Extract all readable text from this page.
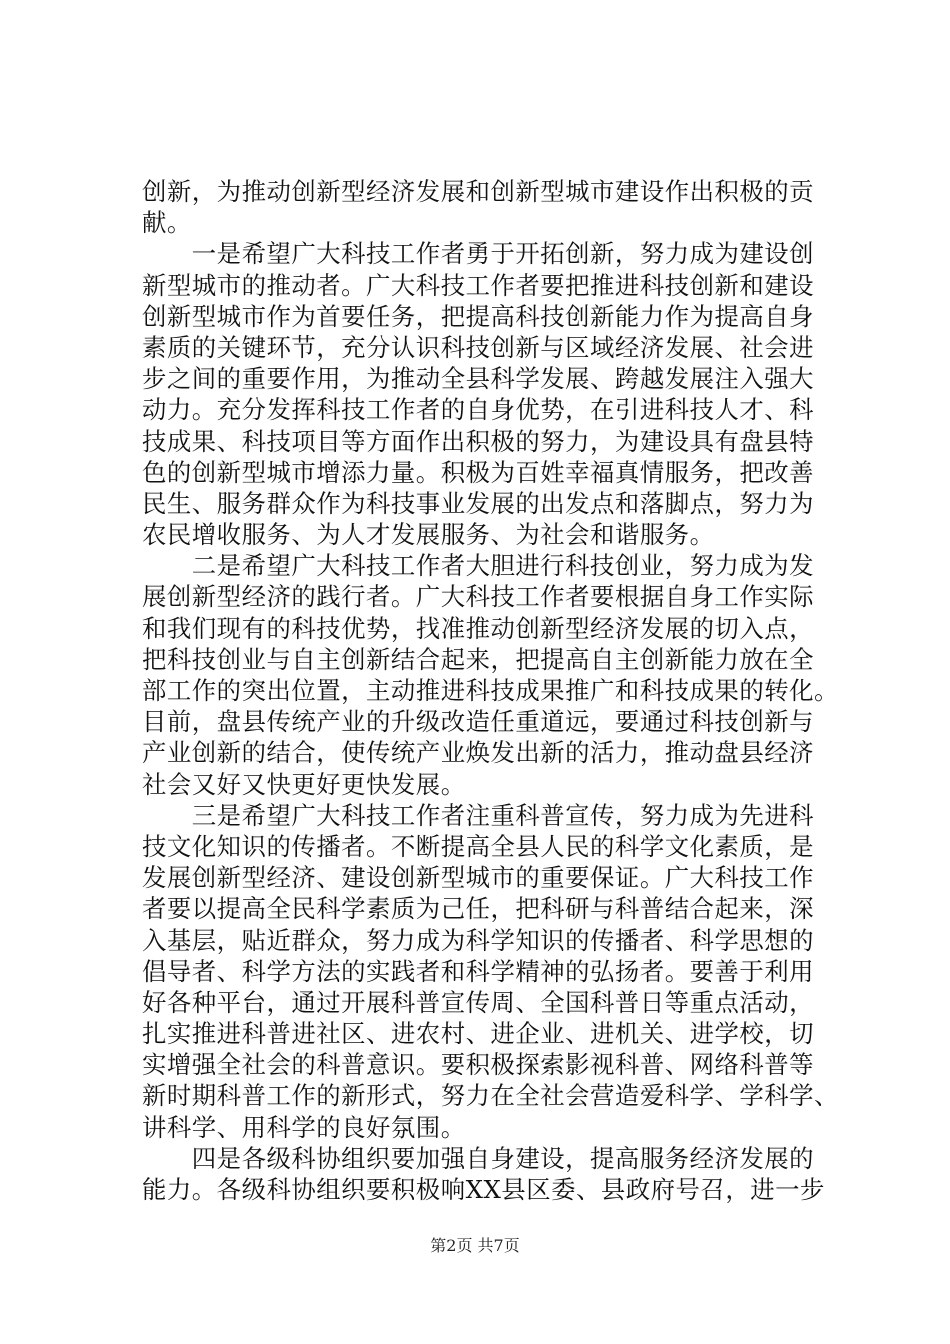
创新，为推动创新型经济发展和创新型城市建设作出积极的贡
献。
　　一是希望广大科技工作者勇于开拓创新，努力成为建设创
新型城市的推动者。广大科技工作者要把推进科技创新和建设
创新型城市作为首要任务，把提高科技创新能力作为提高自身
素质的关键环节，充分认识科技创新与区域经济发展、社会进
步之间的重要作用，为推动全县科学发展、跨越发展注入强大
动力。充分发挥科技工作者的自身优势，在引进科技人才、科
技成果、科技项目等方面作出积极的努力，为建设具有盘县特
色的创新型城市增添力量。积极为百姓幸福真情服务，把改善
民生、服务群众作为科技事业发展的出发点和落脚点，努力为
农民增收服务、为人才发展服务、为社会和谐服务。
　　二是希望广大科技工作者大胆进行科技创业，努力成为发
展创新型经济的践行者。广大科技工作者要根据自身工作实际
和我们现有的科技优势，找准推动创新型经济发展的切入点，
把科技创业与自主创新结合起来，把提高自主创新能力放在全
部工作的突出位置，主动推进科技成果推广和科技成果的转化。
目前，盘县传统产业的升级改造任重道远，要通过科技创新与
产业创新的结合，使传统产业焕发出新的活力，推动盘县经济
社会又好又快更好更快发展。
　　三是希望广大科技工作者注重科普宣传，努力成为先进科
技文化知识的传播者。不断提高全县人民的科学文化素质，是
发展创新型经济、建设创新型城市的重要保证。广大科技工作
者要以提高全民科学素质为己任，把科研与科普结合起来，深
入基层，贴近群众，努力成为科学知识的传播者、科学思想的
倡导者、科学方法的实践者和科学精神的弘扬者。要善于利用
好各种平台，通过开展科普宣传周、全国科普日等重点活动，
扎实推进科普进社区、进农村、进企业、进机关、进学校，切
实增强全社会的科普意识。要积极探索影视科普、网络科普等
新时期科普工作的新形式，努力在全社会营造爱科学、学科学、
讲科学、用科学的良好氛围。
　　四是各级科协组织要加强自身建设，提高服务经济发展的
能力。各级科协组织要积极响XX县区委、县政府号召，进一步
第2页 共7页
